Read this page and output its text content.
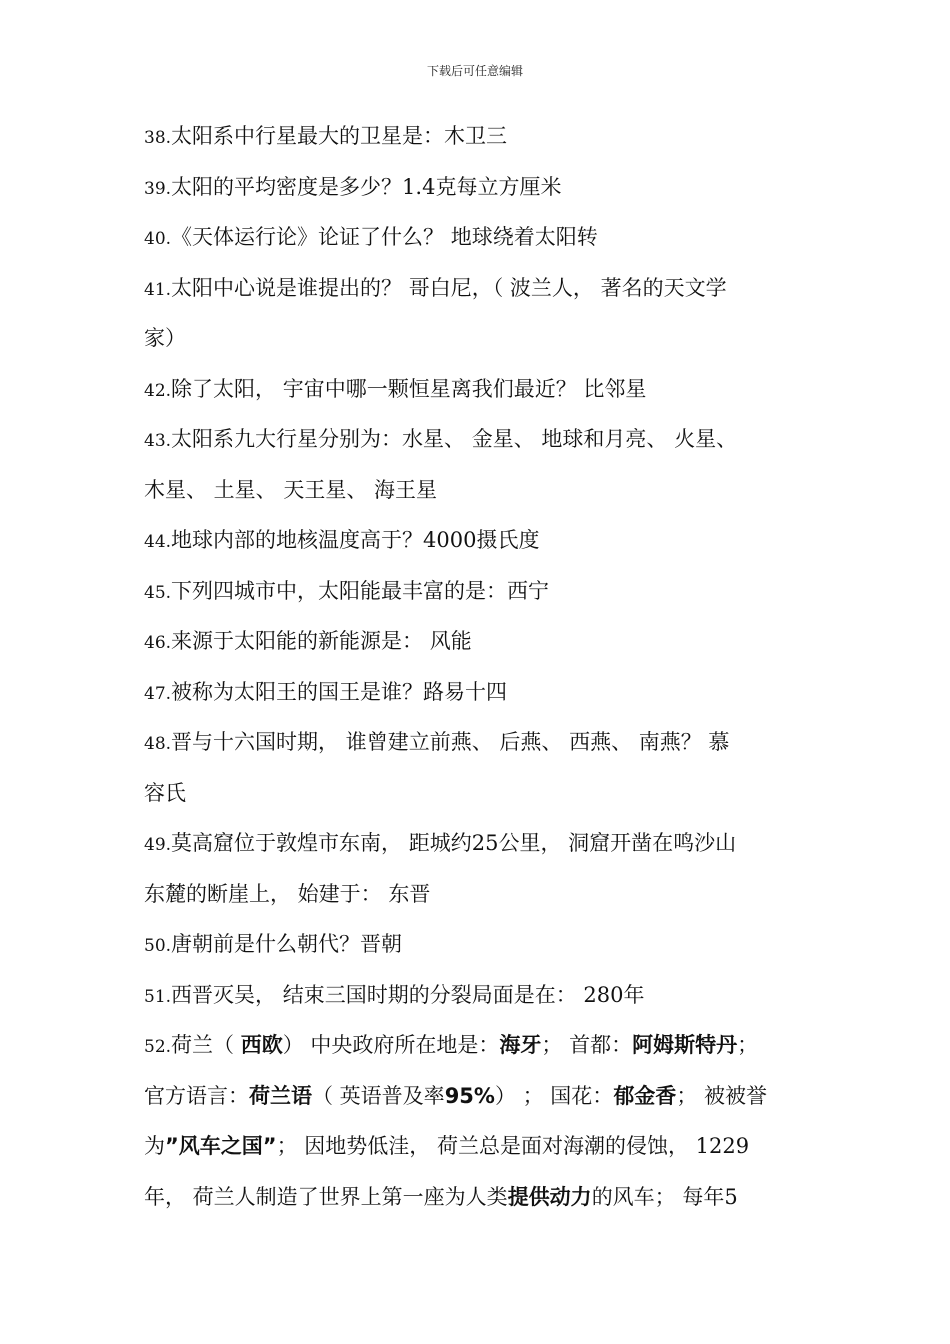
下载后可任意编辑
38.太阳系中行星最大的卫星是：木卫三
39.太阳的平均密度是多少？1.4克每立方厘米
40.《天体运行论》论证了什么？ 地球绕着太阳转
41.太阳中心说是谁提出的？ 哥白尼，（ 波兰人， 著名的天文学
家）
42.除了太阳， 宇宙中哪一颗恒星离我们最近？ 比邻星
43.太阳系九大行星分别为：水星、 金星、 地球和月亮、 火星、
木星、 土星、 天王星、 海王星
44.地球内部的地核温度高于？4000摄氏度
45.下列四城市中，太阳能最丰富的是：西宁
46.来源于太阳能的新能源是： 风能
47.被称为太阳王的国王是谁？路易十四
48.晋与十六国时期， 谁曾建立前燕、 后燕、 西燕、 南燕？ 慕
容氏
49.莫高窟位于敦煌市东南， 距城约25公里， 洞窟开凿在鸣沙山
东麓的断崖上， 始建于： 东晋
50.唐朝前是什么朝代？晋朝
51.西晋灭吴， 结束三国时期的分裂局面是在： 280年
52.荷兰（ 西欧） 中央政府所在地是：海牙； 首都：阿姆斯特丹；
官方语言：荷兰语（ 英语普及率95%） ； 国花：郁金香； 被被誉
为”风车之国”； 因地势低洼， 荷兰总是面对海潮的侵蚀， 1229
年， 荷兰人制造了世界上第一座为人类提供动力的风车； 每年5
